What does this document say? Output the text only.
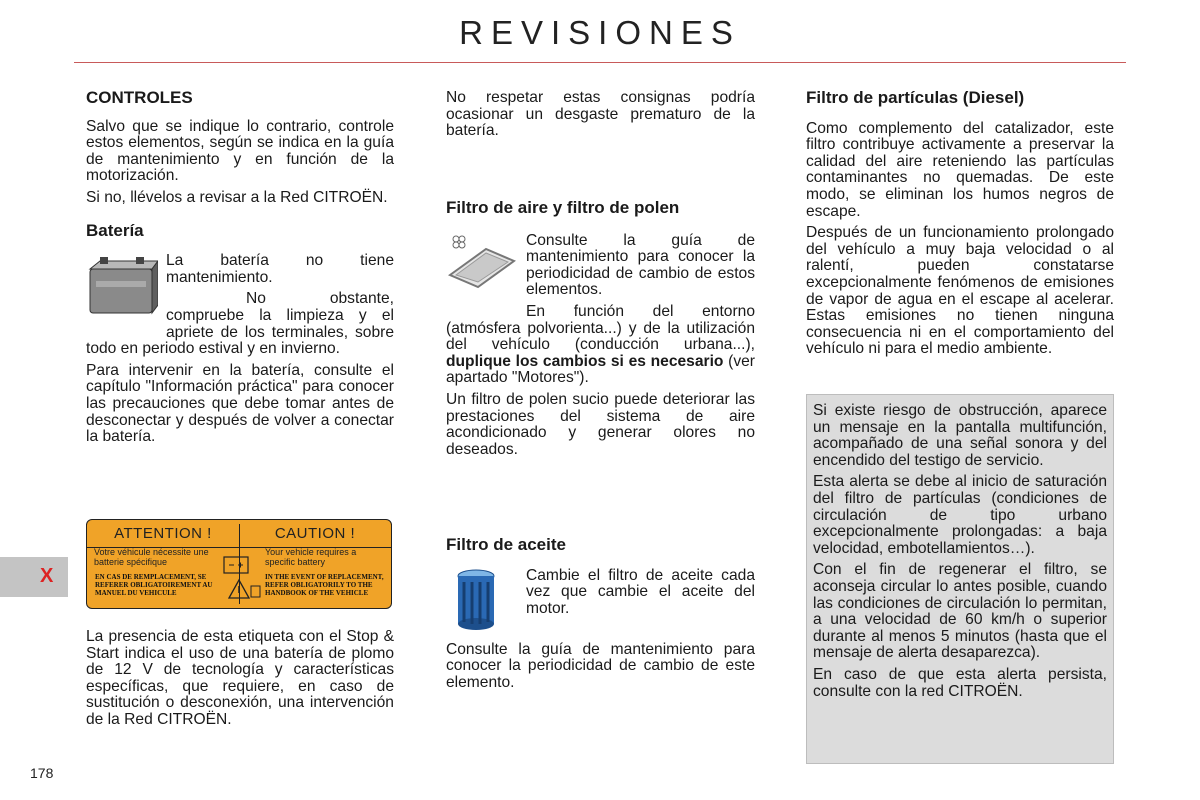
REVISIONES
CONTROLES

Salvo que se indique lo contrario, controle estos elementos, según se indica en la guía de mantenimiento y en función de la motorización.

Si no, llévelos a revisar a la Red CITROËN.

Batería

La batería no tiene mantenimiento.

No obstante, compruebe la limpieza y el apriete de los terminales, sobre todo en periodo estival y en invierno.

Para intervenir en la batería, consulte el capítulo "Información práctica" para conocer las precauciones que debe tomar antes de desconectar y después de volver a conectar la batería.

ATTENTION !
Votre véhicule nécessite une batterie spécifique
EN CAS DE REMPLACEMENT, SE REFERER OBLIGATOIREMENT AU MANUEL DU VEHICULE
CAUTION !
Your vehicle requires a specific battery
IN THE EVENT OF REPLACEMENT, REFER OBLIGATORILY TO THE HANDBOOK OF THE VEHICLE

La presencia de esta etiqueta con el Stop & Start indica el uso de una batería de plomo de 12 V de tecnología y características específicas, que requiere, en caso de sustitución o desconexión, una intervención de la Red CITROËN.

No respetar estas consignas podría ocasionar un desgaste prematuro de la batería.

Filtro de aire y filtro de polen

Consulte la guía de mantenimiento para conocer la periodicidad de cambio de estos elementos.

En función del entorno (atmósfera polvorienta...) y de la utilización del vehículo (conducción urbana...), duplique los cambios si es necesario (ver apartado "Motores").

Un filtro de polen sucio puede deteriorar las prestaciones del sistema de aire acondicionado y generar olores no deseados.

Filtro de aceite

Cambie el filtro de aceite cada vez que cambie el aceite del motor.

Consulte la guía de mantenimiento para conocer la periodicidad de cambio de este elemento.

Filtro de partículas (Diesel)

Como complemento del catalizador, este filtro contribuye activamente a preservar la calidad del aire reteniendo las partículas contaminantes no quemadas. De este modo, se eliminan los humos negros de escape.

Después de un funcionamiento prolongado del vehículo a muy baja velocidad o al ralentí, pueden constatarse excepcionalmente fenómenos de emisiones de vapor de agua en el escape al acelerar. Estas emisiones no tienen ninguna consecuencia ni en el comportamiento del vehículo ni para el medio ambiente.

Si existe riesgo de obstrucción, aparece un mensaje en la pantalla multifunción, acompañado de una señal sonora y del encendido del testigo de servicio.

Esta alerta se debe al inicio de saturación del filtro de partículas (condiciones de circulación de tipo urbano excepcionalmente prolongadas: a baja velocidad, embotellamientos…).

Con el fin de regenerar el filtro, se aconseja circular lo antes posible, cuando las condiciones de circulación lo permitan, a una velocidad de 60 km/h o superior durante al menos 5 minutos (hasta que el mensaje de alerta desaparezca).

En caso de que esta alerta persista, consulte con la red CITROËN.

X
178
